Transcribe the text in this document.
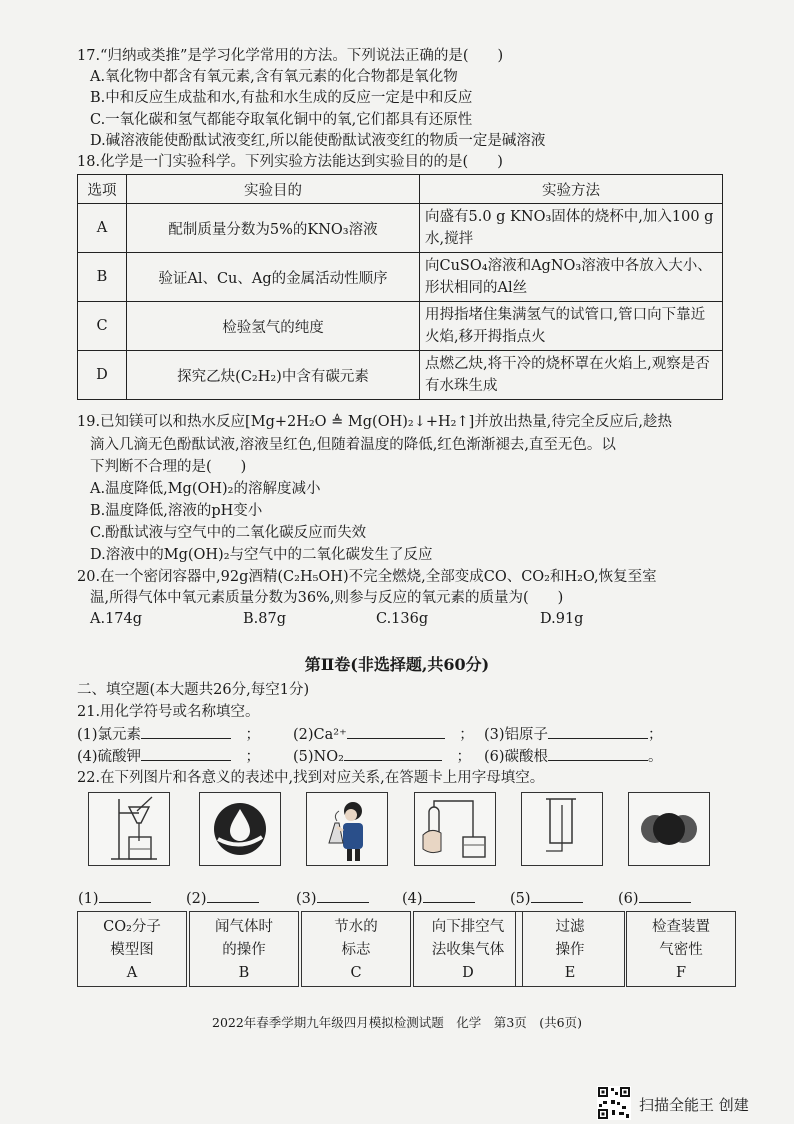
17.“归纳或类推”是学习化学常用的方法。下列说法正确的是(　　)
A.氧化物中都含有氧元素,含有氧元素的化合物都是氧化物
B.中和反应生成盐和水,有盐和水生成的反应一定是中和反应
C.一氧化碳和氢气都能夺取氧化铜中的氧,它们都具有还原性
D.碱溶液能使酚酞试液变红,所以能使酚酞试液变红的物质一定是碱溶液
18.化学是一门实验科学。下列实验方法能达到实验目的的是(　　)
选项	实验目的	实验方法
A	配制质量分数为5%的KNO₃溶液	向盛有5.0 g KNO₃固体的烧杯中,加入100 g水,搅拌
B	验证Al、Cu、Ag的金属活动性顺序	向CuSO₄溶液和AgNO₃溶液中各放入大小、形状相同的Al丝
C	检验氢气的纯度	用拇指堵住集满氢气的试管口,管口向下靠近火焰,移开拇指点火
D	探究乙炔(C₂H₂)中含有碳元素	点燃乙炔,将干冷的烧杯罩在火焰上,观察是否有水珠生成
19.已知镁可以和热水反应[Mg+2H₂O ≜ Mg(OH)₂↓+H₂↑]并放出热量,待完全反应后,趁热
滴入几滴无色酚酞试液,溶液呈红色,但随着温度的降低,红色渐渐褪去,直至无色。以
下判断不合理的是(　　)
A.温度降低,Mg(OH)₂的溶解度减小
B.温度降低,溶液的pH变小
C.酚酞试液与空气中的二氧化碳反应而失效
D.溶液中的Mg(OH)₂与空气中的二氧化碳发生了反应
20.在一个密闭容器中,92g酒精(C₂H₅OH)不完全燃烧,全部变成CO、CO₂和H₂O,恢复至室
温,所得气体中氧元素质量分数为36%,则参与反应的氧元素的质量为(　　)
A.174g	B.87g	C.136g	D.91g
第Ⅱ卷(非选择题,共60分)
二、填空题(本大题共26分,每空1分)
21.用化学符号或名称填空。
(1)氯元素　	； (2)Ca²⁺　	； (3)铝原子	；
(4)硫酸钾　	； (5)NO₂　	； (6)碳酸根	。
22.在下列图片和各意义的表述中,找到对应关系,在答题卡上用字母填空。
(1)	(2)	(3)	(4)	(5)	(6)
CO₂分子
模型图
A
闻气体时
的操作
B
节水的
标志
C
向下排空气
法收集气体
D
过滤
操作
E
检查装置
气密性
F
2022年春季学期九年级四月模拟检测试题　化学　第3页　(共6页)
扫描全能王 创建
